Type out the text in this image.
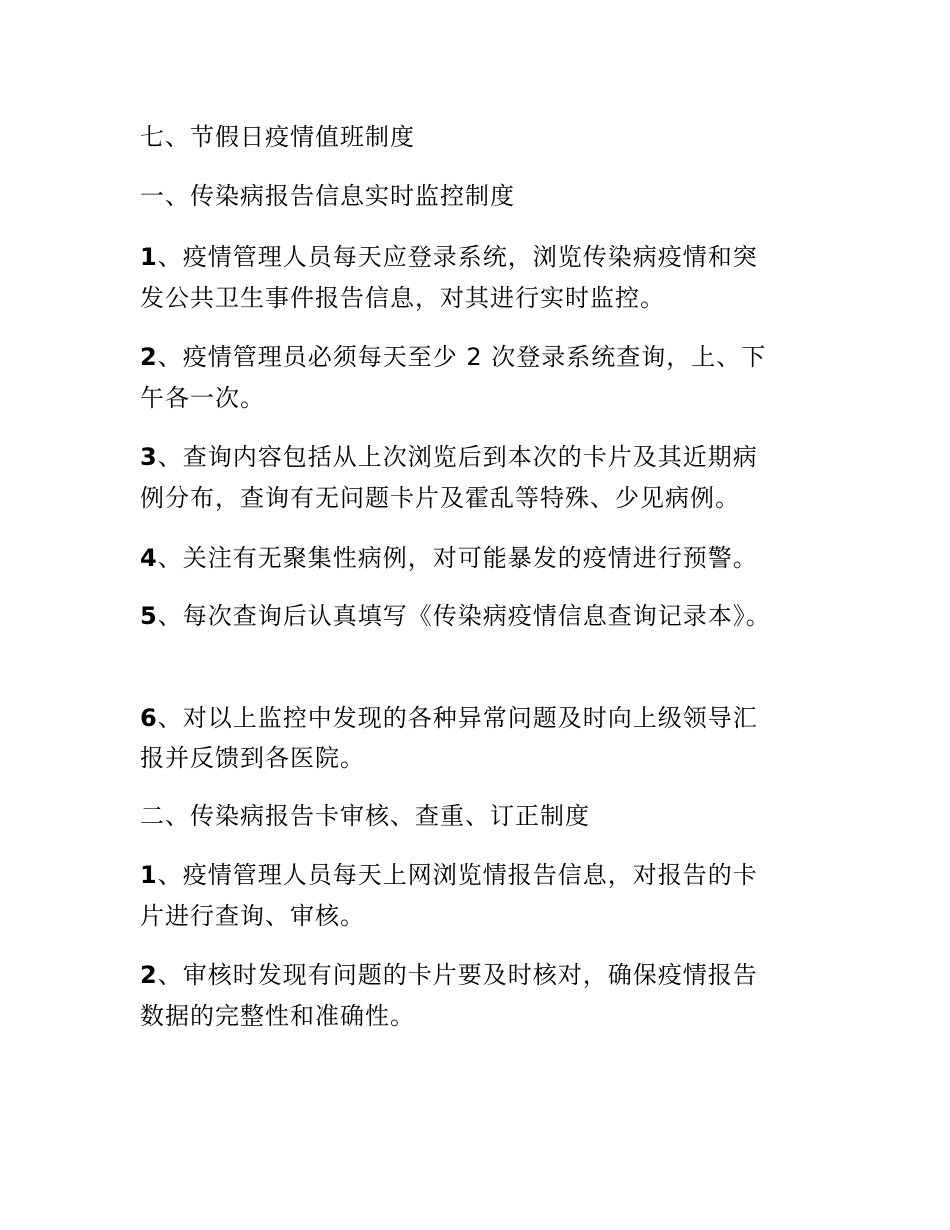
七、节假日疫情值班制度
一、传染病报告信息实时监控制度
1、疫情管理人员每天应登录系统，浏览传染病疫情和突
发公共卫生事件报告信息，对其进行实时监控。
2、疫情管理员必须每天至少 2 次登录系统查询，上、下
午各一次。
3、查询内容包括从上次浏览后到本次的卡片及其近期病
例分布，查询有无问题卡片及霍乱等特殊、少见病例。
4、关注有无聚集性病例，对可能暴发的疫情进行预警。
5、每次查询后认真填写《传染病疫情信息查询记录本》。
6、对以上监控中发现的各种异常问题及时向上级领导汇
报并反馈到各医院。
二、传染病报告卡审核、查重、订正制度
1、疫情管理人员每天上网浏览情报告信息，对报告的卡
片进行查询、审核。
2、审核时发现有问题的卡片要及时核对，确保疫情报告
数据的完整性和准确性。
